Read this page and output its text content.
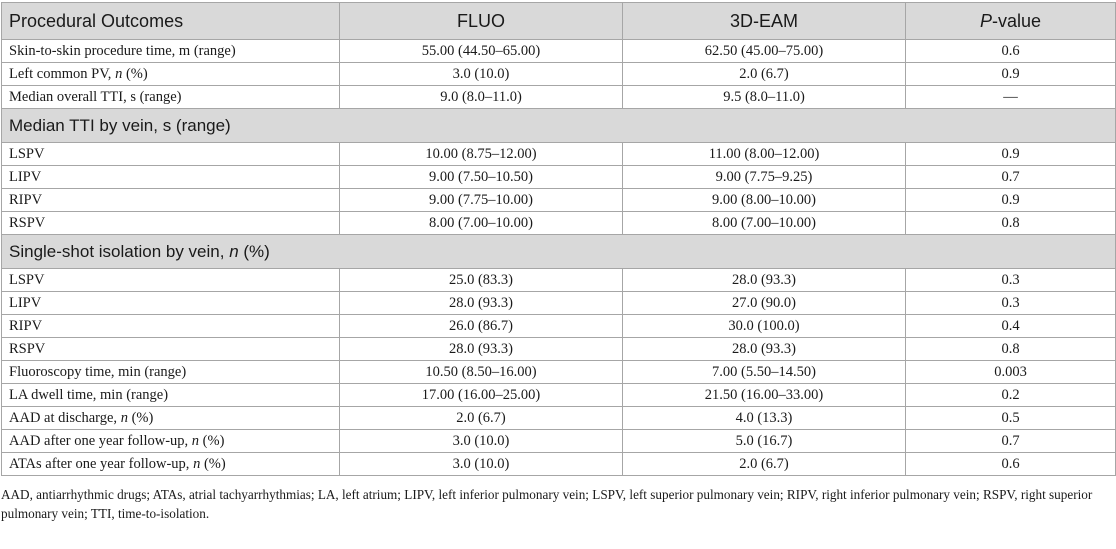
Procedural Outcomes	FLUO	3D-EAM	P-value
Skin-to-skin procedure time, m (range)	55.00 (44.50–65.00)	62.50 (45.00–75.00)	0.6
Left common PV, n (%)	3.0 (10.0)	2.0 (6.7)	0.9
Median overall TTI, s (range)	9.0 (8.0–11.0)	9.5 (8.0–11.0)	—
Median TTI by vein, s (range)			
LSPV	10.00 (8.75–12.00)	11.00 (8.00–12.00)	0.9
LIPV	9.00 (7.50–10.50)	9.00 (7.75–9.25)	0.7
RIPV	9.00 (7.75–10.00)	9.00 (8.00–10.00)	0.9
RSPV	8.00 (7.00–10.00)	8.00 (7.00–10.00)	0.8
Single-shot isolation by vein, n (%)			
LSPV	25.0 (83.3)	28.0 (93.3)	0.3
LIPV	28.0 (93.3)	27.0 (90.0)	0.3
RIPV	26.0 (86.7)	30.0 (100.0)	0.4
RSPV	28.0 (93.3)	28.0 (93.3)	0.8
Fluoroscopy time, min (range)	10.50 (8.50–16.00)	7.00 (5.50–14.50)	0.003
LA dwell time, min (range)	17.00 (16.00–25.00)	21.50 (16.00–33.00)	0.2
AAD at discharge, n (%)	2.0 (6.7)	4.0 (13.3)	0.5
AAD after one year follow-up, n (%)	3.0 (10.0)	5.0 (16.7)	0.7
ATAs after one year follow-up, n (%)	3.0 (10.0)	2.0 (6.7)	0.6
AAD, antiarrhythmic drugs; ATAs, atrial tachyarrhythmias; LA, left atrium; LIPV, left inferior pulmonary vein; LSPV, left superior pulmonary vein; RIPV, right inferior pulmonary vein; RSPV, right superior pulmonary vein; TTI, time-to-isolation.
